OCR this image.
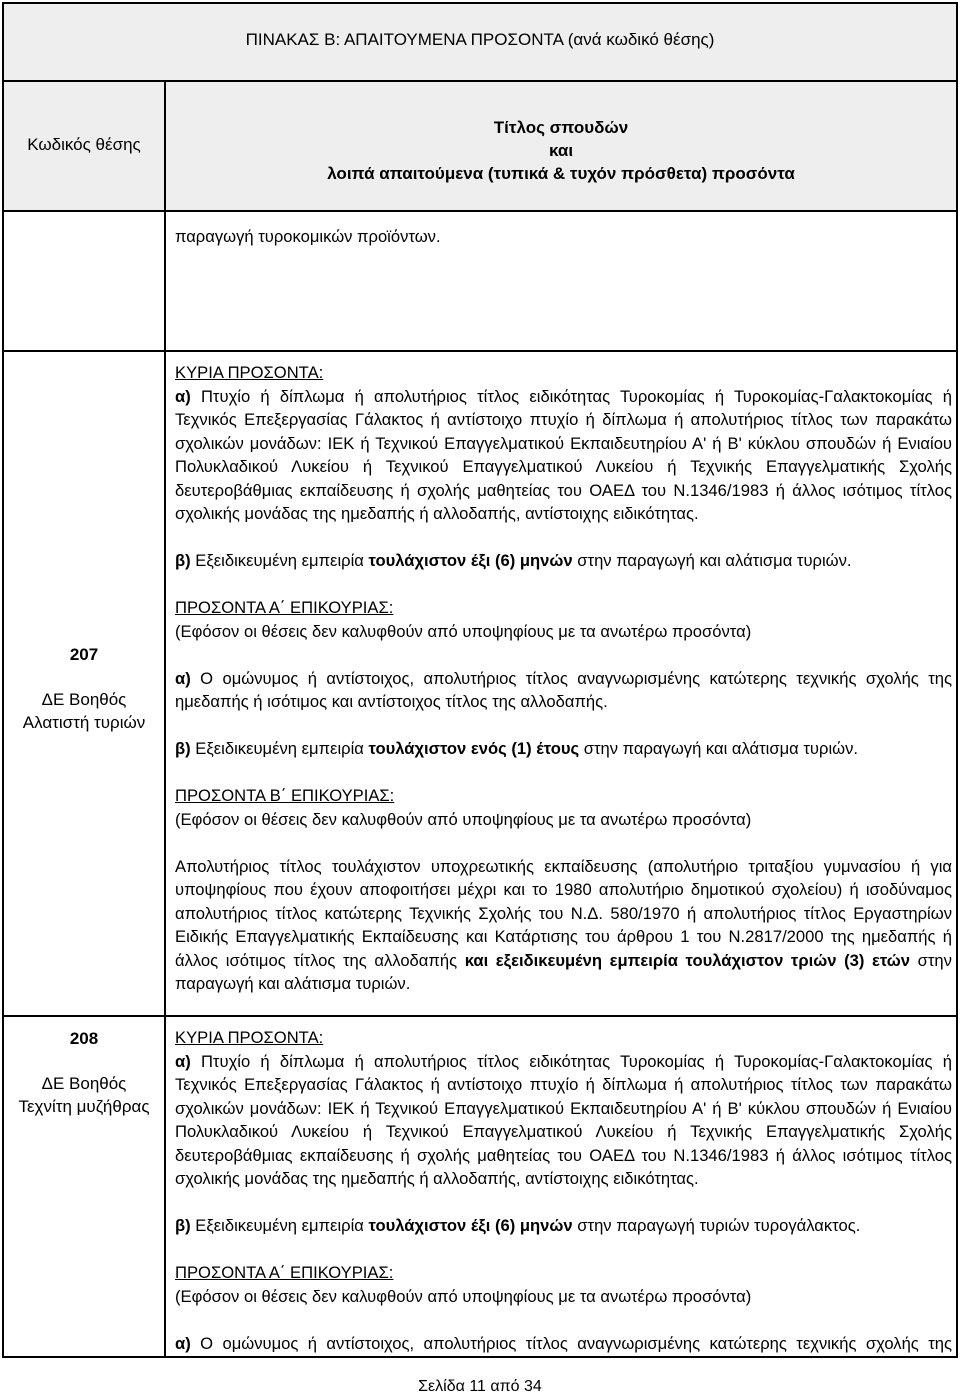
ΠΙΝΑΚΑΣ Β: ΑΠΑΙΤΟΥΜΕΝΑ ΠΡΟΣΟΝΤΑ (ανά κωδικό θέσης)
Κωδικός θέσης
Τίτλος σπουδών
και
λοιπά απαιτούμενα (τυπικά & τυχόν πρόσθετα) προσόντα

παραγωγή τυροκομικών προϊόντων.

207
ΔΕ Βοηθός
Αλατιστή τυριών

ΚΥΡΙΑ ΠΡΟΣΟΝΤΑ:

α) Πτυχίο ή δίπλωμα ή απολυτήριος τίτλος ειδικότητας Τυροκομίας ή Τυροκομίας-Γαλακτοκομίας ή

Τεχνικός Επεξεργασίας Γάλακτος ή αντίστοιχο πτυχίο ή δίπλωμα ή απολυτήριος τίτλος των παρακάτω

σχολικών μονάδων: ΙΕΚ ή Τεχνικού Επαγγελματικού Εκπαιδευτηρίου Α' ή Β' κύκλου σπουδών ή Ενιαίου

Πολυκλαδικού Λυκείου ή Τεχνικού Επαγγελματικού Λυκείου ή Τεχνικής Επαγγελματικής Σχολής

δευτεροβάθμιας εκπαίδευσης ή σχολής μαθητείας του ΟΑΕΔ του Ν.1346/1983 ή άλλος ισότιμος τίτλος

σχολικής μονάδας της ημεδαπής ή αλλοδαπής, αντίστοιχης ειδικότητας.

β) Εξειδικευμένη εμπειρία τουλάχιστον έξι (6) μηνών στην παραγωγή και αλάτισμα τυριών.

ΠΡΟΣΟΝΤΑ Α΄ ΕΠΙΚΟΥΡΙΑΣ:

(Εφόσον οι θέσεις δεν καλυφθούν από υποψηφίους με τα ανωτέρω προσόντα)

α) Ο ομώνυμος ή αντίστοιχος, απολυτήριος τίτλος αναγνωρισμένης κατώτερης τεχνικής σχολής της

ημεδαπής ή ισότιμος και αντίστοιχος τίτλος της αλλοδαπής.

β) Εξειδικευμένη εμπειρία τουλάχιστον ενός (1) έτους στην παραγωγή και αλάτισμα τυριών.

ΠΡΟΣΟΝΤΑ Β΄ ΕΠΙΚΟΥΡΙΑΣ:

(Εφόσον οι θέσεις δεν καλυφθούν από υποψηφίους με τα ανωτέρω προσόντα)

Απολυτήριος τίτλος τουλάχιστον υποχρεωτικής εκπαίδευσης (απολυτήριο τριταξίου γυμνασίου ή για

υποψηφίους που έχουν αποφοιτήσει μέχρι και το 1980 απολυτήριο δημοτικού σχολείου) ή ισοδύναμος

απολυτήριος τίτλος κατώτερης Τεχνικής Σχολής του Ν.Δ. 580/1970 ή απολυτήριος τίτλος Εργαστηρίων

Ειδικής Επαγγελματικής Εκπαίδευσης και Κατάρτισης του άρθρου 1 του Ν.2817/2000 της ημεδαπής ή

άλλος ισότιμος τίτλος της αλλοδαπής και εξειδικευμένη εμπειρία τουλάχιστον τριών (3) ετών στην

παραγωγή και αλάτισμα τυριών.

208
ΔΕ Βοηθός
Τεχνίτη μυζήθρας

ΚΥΡΙΑ ΠΡΟΣΟΝΤΑ:

α) Πτυχίο ή δίπλωμα ή απολυτήριος τίτλος ειδικότητας Τυροκομίας ή Τυροκομίας-Γαλακτοκομίας ή

Τεχνικός Επεξεργασίας Γάλακτος ή αντίστοιχο πτυχίο ή δίπλωμα ή απολυτήριος τίτλος των παρακάτω

σχολικών μονάδων: ΙΕΚ ή Τεχνικού Επαγγελματικού Εκπαιδευτηρίου Α' ή Β' κύκλου σπουδών ή Ενιαίου

Πολυκλαδικού Λυκείου ή Τεχνικού Επαγγελματικού Λυκείου ή Τεχνικής Επαγγελματικής Σχολής

δευτεροβάθμιας εκπαίδευσης ή σχολής μαθητείας του ΟΑΕΔ του Ν.1346/1983 ή άλλος ισότιμος τίτλος

σχολικής μονάδας της ημεδαπής ή αλλοδαπής, αντίστοιχης ειδικότητας.

β) Εξειδικευμένη εμπειρία τουλάχιστον έξι (6) μηνών στην παραγωγή τυριών τυρογάλακτος.

ΠΡΟΣΟΝΤΑ Α΄ ΕΠΙΚΟΥΡΙΑΣ:

(Εφόσον οι θέσεις δεν καλυφθούν από υποψηφίους με τα ανωτέρω προσόντα)

α) Ο ομώνυμος ή αντίστοιχος, απολυτήριος τίτλος αναγνωρισμένης κατώτερης τεχνικής σχολής της

Σελίδα 11 από 34
